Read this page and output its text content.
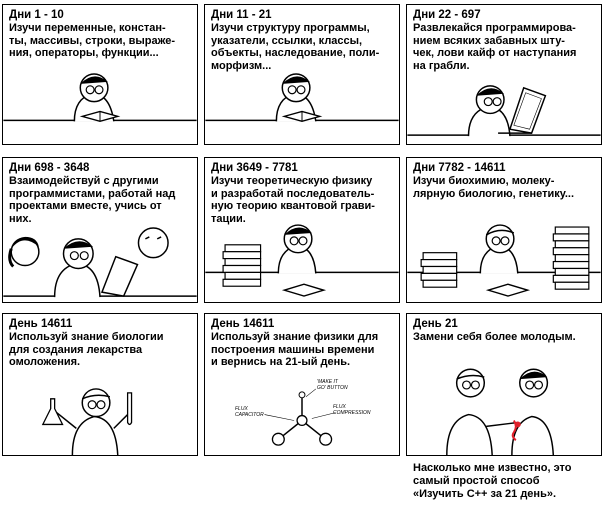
Дни 1 - 10
Изучи переменные, констан-
ты, массивы, строки, выраже-
ния, операторы, функции...
Дни 11 - 21
Изучи структуру программы,
указатели, ссылки, классы,
объекты, наследование, поли-
морфизм...
Дни 22 - 697
Развлекайся программирова-
нием всяких забавных шту-
чек, лови кайф от наступания
на грабли.
Дни 698 - 3648
Взаимодействуй с другими
программистами, работай над
проектами вместе, учись от
них.
Дни 3649 - 7781
Изучи теоретическую физику
и разработай последователь-
ную теорию квантовой грави-
тации.
Дни 7782 - 14611
Изучи биохимию, молеку-
лярную биологию, генетику...
День 14611
Используй знание биологии
для создания лекарства
омоложения.
День 14611
Используй знание физики для
построения машины времени
и вернись на 21-ый день.
'MAKE IT
GO' BUTTON
FLUX
CAPACITOR
FLUX
COMPRESSION
День 21
Замени себя более молодым.
Насколько мне известно, это
самый простой способ
«Изучить C++ за 21 день».
